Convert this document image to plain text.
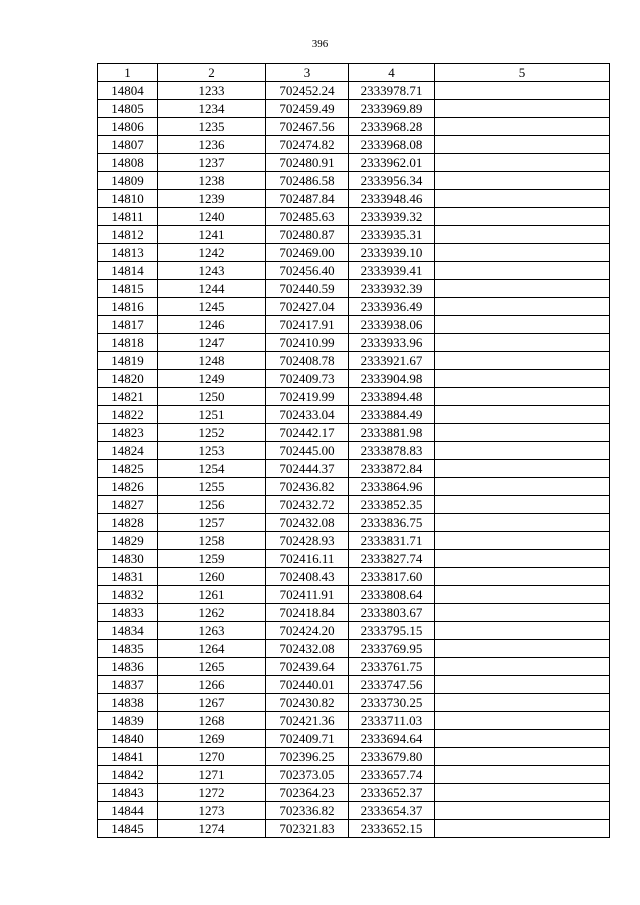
396
1	2	3	4	5
14804	1233	702452.24	2333978.71	
14805	1234	702459.49	2333969.89	
14806	1235	702467.56	2333968.28	
14807	1236	702474.82	2333968.08	
14808	1237	702480.91	2333962.01	
14809	1238	702486.58	2333956.34	
14810	1239	702487.84	2333948.46	
14811	1240	702485.63	2333939.32	
14812	1241	702480.87	2333935.31	
14813	1242	702469.00	2333939.10	
14814	1243	702456.40	2333939.41	
14815	1244	702440.59	2333932.39	
14816	1245	702427.04	2333936.49	
14817	1246	702417.91	2333938.06	
14818	1247	702410.99	2333933.96	
14819	1248	702408.78	2333921.67	
14820	1249	702409.73	2333904.98	
14821	1250	702419.99	2333894.48	
14822	1251	702433.04	2333884.49	
14823	1252	702442.17	2333881.98	
14824	1253	702445.00	2333878.83	
14825	1254	702444.37	2333872.84	
14826	1255	702436.82	2333864.96	
14827	1256	702432.72	2333852.35	
14828	1257	702432.08	2333836.75	
14829	1258	702428.93	2333831.71	
14830	1259	702416.11	2333827.74	
14831	1260	702408.43	2333817.60	
14832	1261	702411.91	2333808.64	
14833	1262	702418.84	2333803.67	
14834	1263	702424.20	2333795.15	
14835	1264	702432.08	2333769.95	
14836	1265	702439.64	2333761.75	
14837	1266	702440.01	2333747.56	
14838	1267	702430.82	2333730.25	
14839	1268	702421.36	2333711.03	
14840	1269	702409.71	2333694.64	
14841	1270	702396.25	2333679.80	
14842	1271	702373.05	2333657.74	
14843	1272	702364.23	2333652.37	
14844	1273	702336.82	2333654.37	
14845	1274	702321.83	2333652.15	
